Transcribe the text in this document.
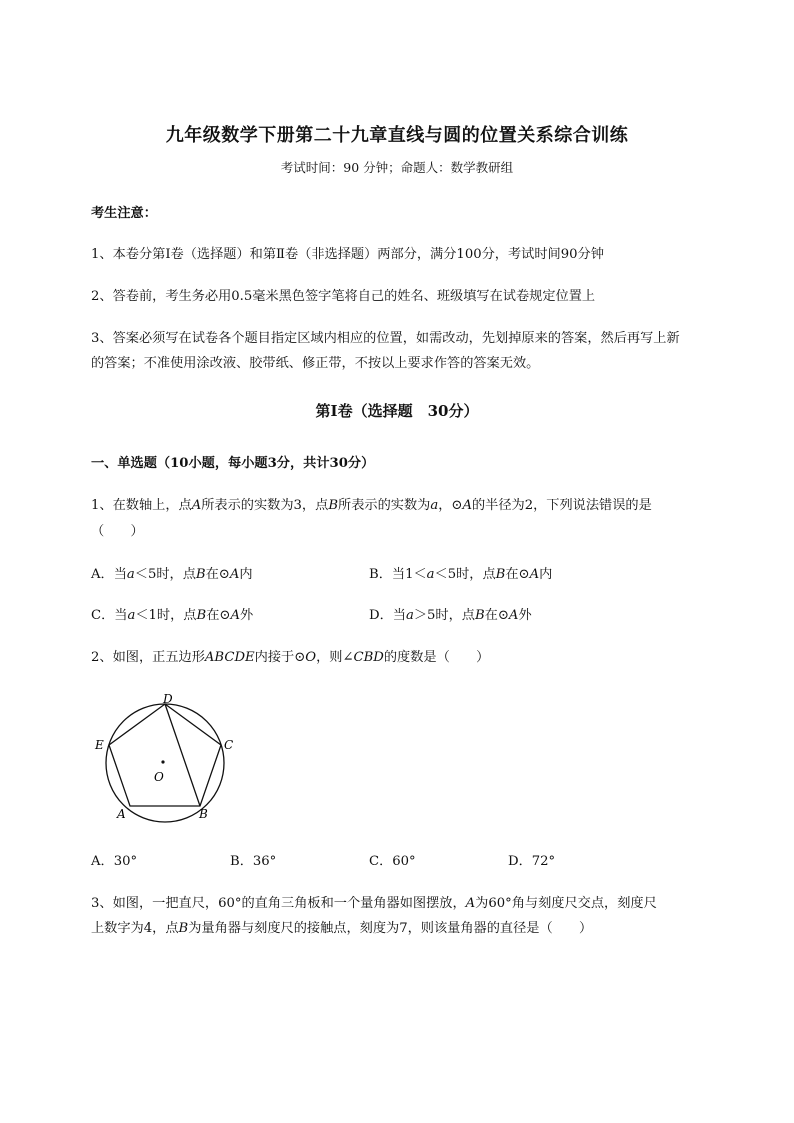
九年级数学下册第二十九章直线与圆的位置关系综合训练
考试时间：90 分钟；命题人：数学教研组
考生注意：
1、本卷分第Ⅰ卷（选择题）和第Ⅱ卷（非选择题）两部分，满分100分，考试时间90分钟
2、答卷前，考生务必用0.5毫米黑色签字笔将自己的姓名、班级填写在试卷规定位置上
3、答案必须写在试卷各个题目指定区域内相应的位置，如需改动，先划掉原来的答案，然后再写上新
的答案；不准使用涂改液、胶带纸、修正带，不按以上要求作答的答案无效。
第Ⅰ卷（选择题　30分）
一、单选题（10小题，每小题3分，共计30分）
1、在数轴上，点A所表示的实数为3，点B所表示的实数为a，⊙A的半径为2，下列说法错误的是
（　　）
A．当a＜5时，点B在⊙A内	B．当1＜a＜5时，点B在⊙A内
C．当a＜1时，点B在⊙A外	D．当a＞5时，点B在⊙A外
2、如图，正五边形ABCDE内接于⊙O，则∠CBD的度数是（　　）
D
C
E
A	B
O
A．30°	B．36°	C．60°	D．72°
3、如图，一把直尺，60°的直角三角板和一个量角器如图摆放，A为60°角与刻度尺交点，刻度尺
上数字为4，点B为量角器与刻度尺的接触点，刻度为7，则该量角器的直径是（　　）
